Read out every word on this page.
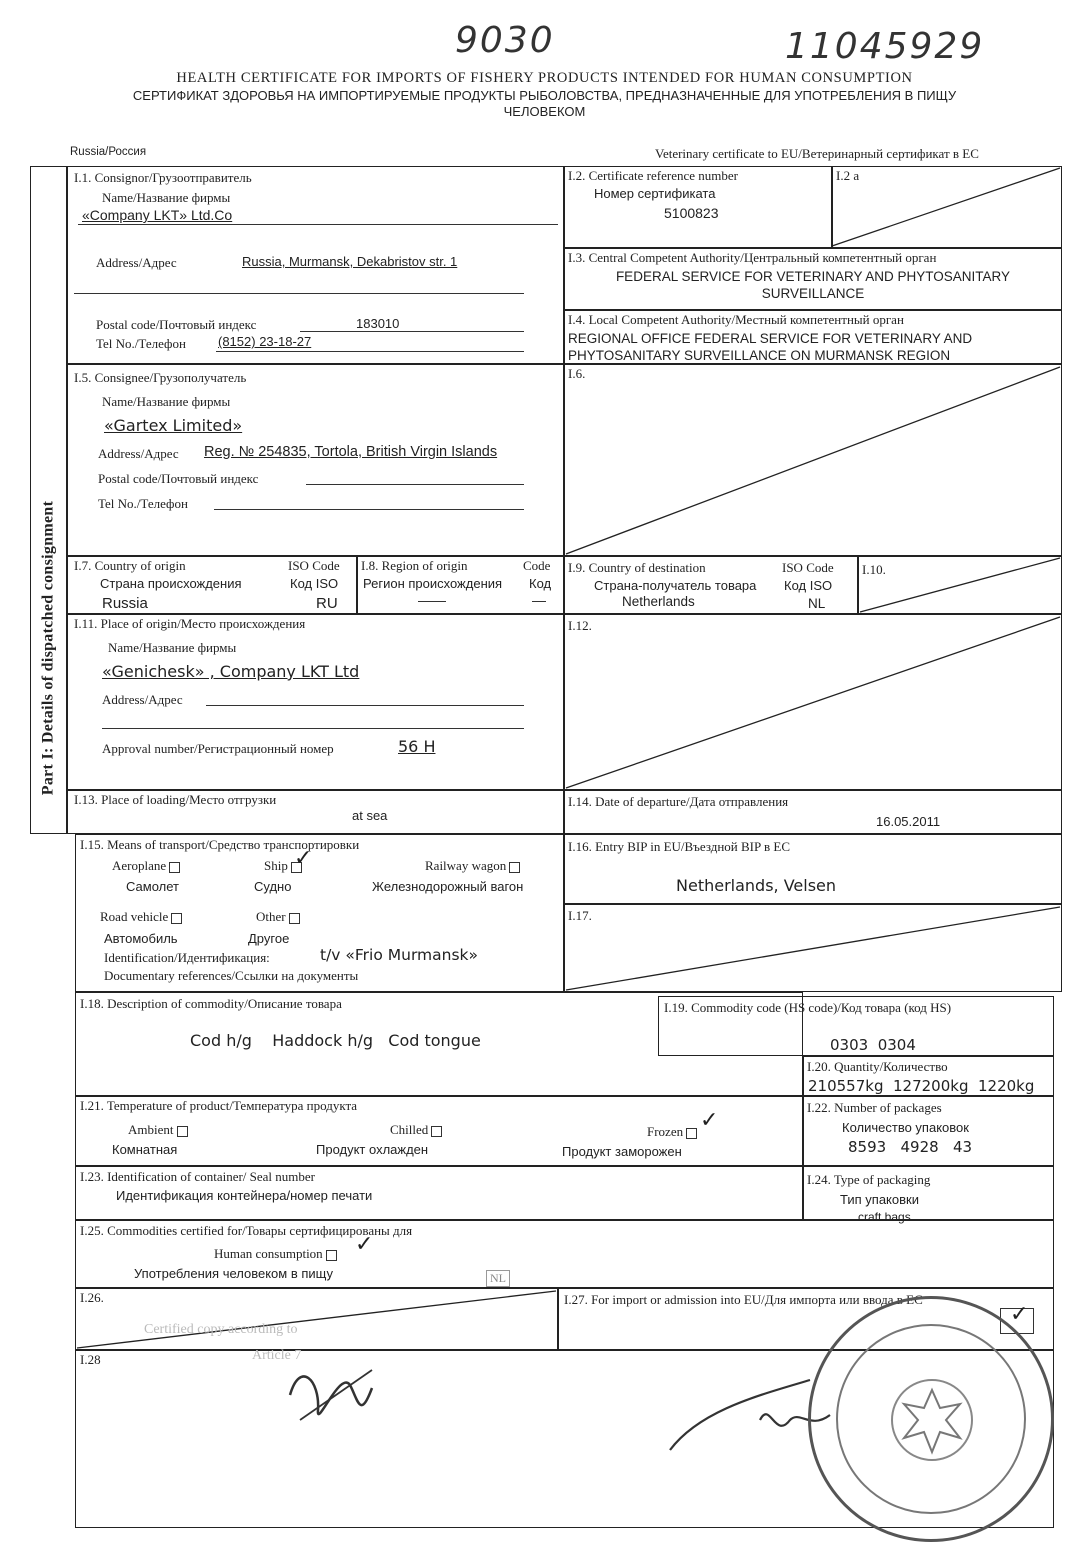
9030	11045929
HEALTH CERTIFICATE FOR IMPORTS OF FISHERY PRODUCTS INTENDED FOR HUMAN CONSUMPTION
СЕРТИФИКАТ ЗДОРОВЬЯ НА ИМПОРТИРУЕМЫЕ ПРОДУКТЫ РЫБОЛОВСТВА, ПРЕДНАЗНАЧЕННЫЕ ДЛЯ УПОТРЕБЛЕНИЯ В ПИЩУ
ЧЕЛОВЕКОМ
Russia/Россия	Veterinary certificate to EU/Ветеринарный сертификат в ЕС
Part I: Details of dispatched consignment
I.1. Consignor/Грузоотправитель
Name/Название фирмы
«Company LKT» Ltd.Co
Address/Адрес	Russia, Murmansk, Dekabristov str. 1
Postal code/Почтовый индекс	183010
Tel No./Телефон (8152) 23-18-27
I.2. Certificate reference number
Номер сертификата
5100823
I.2 a
I.3. Central Competent Authority/Центральный компетентный орган
FEDERAL SERVICE FOR VETERINARY AND PHYTOSANITARY SURVEILLANCE
I.4. Local Competent Authority/Местный компетентный орган
REGIONAL OFFICE FEDERAL SERVICE FOR VETERINARY AND PHYTOSANITARY SURVEILLANCE ON MURMANSK REGION
I.5. Consignee/Грузополучатель
Name/Название фирмы
«Gartex Limited»
Address/Адрес Reg. № 254835, Tortola, British Virgin Islands
Postal code/Почтовый индекс
Tel No./Телефон
I.6.
I.7. Country of origin
Страна происхождения
ISO Code
Код ISO
Russia	RU
I.8. Region of origin
Регион происхождения
Code
Код
——	—
I.9. Country of destination
Страна-получатель товара
ISO Code
Код ISO
Netherlands	NL
I.10.
I.11. Place of origin/Место происхождения
Name/Название фирмы
«Genichesk» , Company LKT Ltd
Address/Адрес
Approval number/Регистрационный номер	56 H
I.12.
I.13. Place of loading/Место отгрузки
at sea
I.14. Date of departure/Дата отправления
16.05.2011
I.15. Means of transport/Средство транспортировки
Aeroplane
Самолет
Ship ✓
Судно
Railway wagon
Железнодорожный вагон
Road vehicle
Автомобиль
Other
Другое
Identification/Идентификация:	t/v «Frio Murmansk»
Documentary references/Ссылки на документы
I.16. Entry BIP in EU/Въездной BIP в ЕС
Netherlands, Velsen
I.17.
I.18. Description of commodity/Описание товара
Cod h/g    Haddock h/g   Cod tongue
I.19. Commodity code (HS code)/Код товара (код HS)
0303  0304
I.20. Quantity/Количество
210557kg  127200kg  1220kg
I.21. Temperature of product/Температура продукта
Ambient
Комнатная
Chilled
Продукт охлажден
Frozen ✓
Продукт заморожен
I.22. Number of packages
Количество упаковок
8593   4928   43
I.23. Identification of container/ Seal number
Идентификация контейнера/номер печати
I.24. Type of packaging
Тип упаковки
craft bags
I.25. Commodities certified for/Товары сертифицированы для
Human consumption	✓
Употребления человеком в пищу	NL
I.26.
Certified copy according to
Article 7
I.27. For import or admission into EU/Для импорта или ввода в ЕС
✓
I.28
